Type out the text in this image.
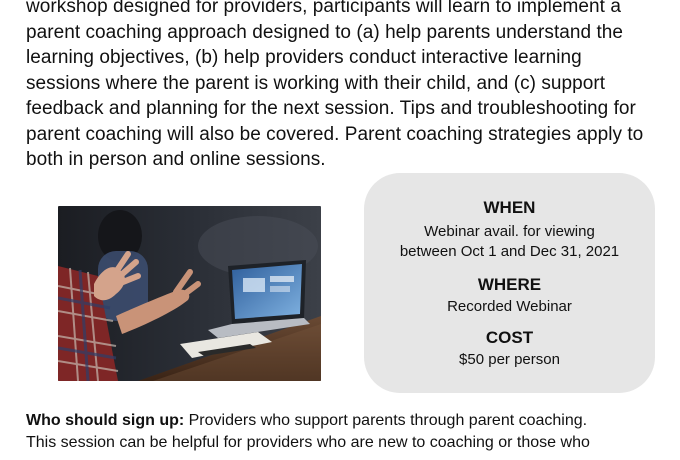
workshop designed for providers, participants will learn to implement a
parent coaching approach designed to (a) help parents understand the
learning objectives, (b) help providers conduct interactive learning
sessions where the parent is working with their child, and (c) support
feedback and planning for the next session. Tips and troubleshooting for
parent coaching will also be covered. Parent coaching strategies apply to
both in person and online sessions.
WHEN
Webinar avail. for viewing
between Oct 1 and Dec 31, 2021
WHERE
Recorded Webinar
COST
$50 per person
Who should sign up: Providers who support parents through parent coaching.
This session can be helpful for providers who are new to coaching or those who
